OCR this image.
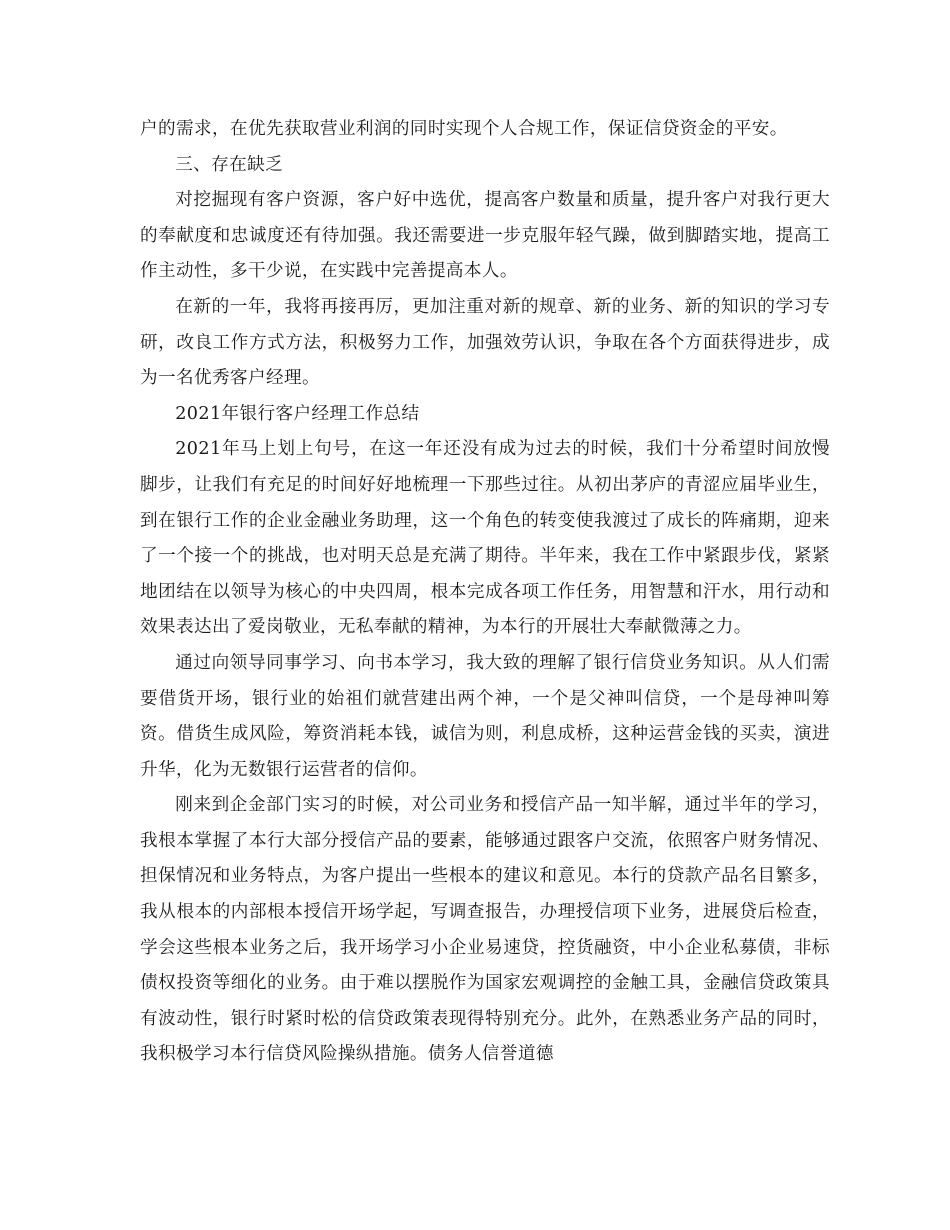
户的需求，在优先获取营业利润的同时实现个人合规工作，保证信贷资金的平安。

三、存在缺乏

对挖掘现有客户资源，客户好中选优，提高客户数量和质量，提升客户对我行更大的奉献度和忠诚度还有待加强。我还需要进一步克服年轻气躁，做到脚踏实地，提高工作主动性，多干少说，在实践中完善提高本人。

在新的一年，我将再接再厉，更加注重对新的规章、新的业务、新的知识的学习专研，改良工作方式方法，积极努力工作，加强效劳认识，争取在各个方面获得进步，成为一名优秀客户经理。

2021年银行客户经理工作总结

2021年马上划上句号，在这一年还没有成为过去的时候，我们十分希望时间放慢脚步，让我们有充足的时间好好地梳理一下那些过往。从初出茅庐的青涩应届毕业生，到在银行工作的企业金融业务助理，这一个角色的转变使我渡过了成长的阵痛期，迎来了一个接一个的挑战，也对明天总是充满了期待。半年来，我在工作中紧跟步伐，紧紧地团结在以领导为核心的中央四周，根本完成各项工作任务，用智慧和汗水，用行动和效果表达出了爱岗敬业，无私奉献的精神，为本行的开展壮大奉献微薄之力。

通过向领导同事学习、向书本学习，我大致的理解了银行信贷业务知识。从人们需要借货开场，银行业的始祖们就营建出两个神，一个是父神叫信贷，一个是母神叫筹资。借货生成风险，筹资消耗本钱，诚信为则，利息成桥，这种运营金钱的买卖，演进升华，化为无数银行运营者的信仰。

刚来到企金部门实习的时候，对公司业务和授信产品一知半解，通过半年的学习，我根本掌握了本行大部分授信产品的要素，能够通过跟客户交流，依照客户财务情况、担保情况和业务特点，为客户提出一些根本的建议和意见。本行的贷款产品名目繁多，我从根本的内部根本授信开场学起，写调查报告，办理授信项下业务，进展贷后检查，学会这些根本业务之后，我开场学习小企业易速贷，控货融资，中小企业私募债，非标债权投资等细化的业务。由于难以摆脱作为国家宏观调控的金触工具，金融信贷政策具有波动性，银行时紧时松的信贷政策表现得特别充分。此外，在熟悉业务产品的同时，我积极学习本行信贷风险操纵措施。债务人信誉道德
